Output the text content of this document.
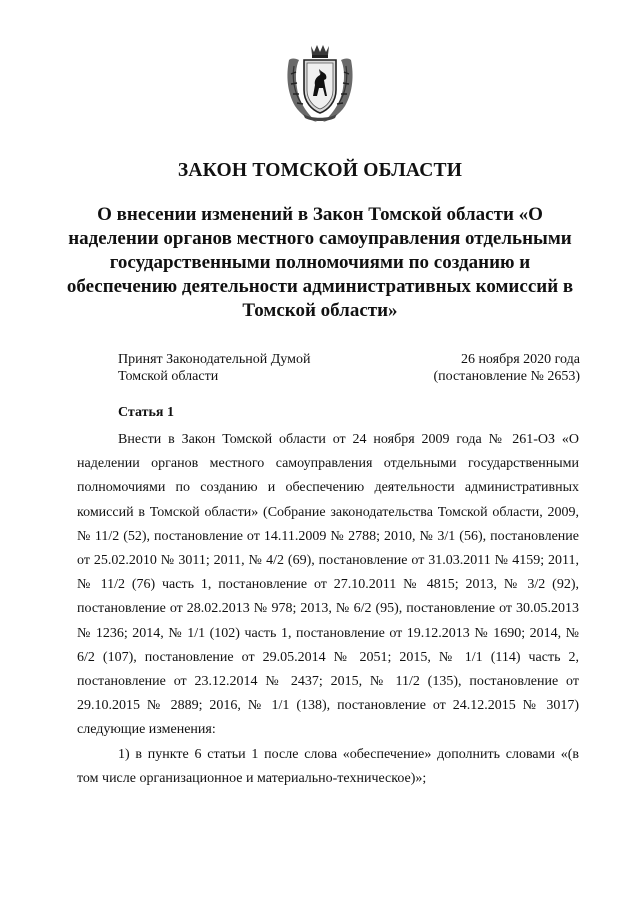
ЗАКОН ТОМСКОЙ ОБЛАСТИ
О внесении изменений в Закон Томской области «О наделении органов местного самоуправления отдельными государственными полномочиями по созданию и обеспечению деятельности административных комиссий в Томской области»
Принят Законодательной Думой Томской области
26 ноября 2020 года
(постановление № 2653)
Статья 1

Внести в Закон Томской области от 24 ноября 2009 года № 261-ОЗ «О наделении органов местного самоуправления отдельными государственными полномочиями по созданию и обеспечению деятельности административных комиссий в Томской области» (Собрание законодательства Томской области, 2009, № 11/2 (52), постановление от 14.11.2009 № 2788; 2010, № 3/1 (56), постановление от 25.02.2010 № 3011; 2011, № 4/2 (69), постановление от 31.03.2011 № 4159; 2011, № 11/2 (76) часть 1, постановление от 27.10.2011 № 4815; 2013, № 3/2 (92), постановление от 28.02.2013 № 978; 2013, № 6/2 (95), постановление от 30.05.2013 № 1236; 2014, № 1/1 (102) часть 1, постановление от 19.12.2013 № 1690; 2014, № 6/2 (107), постановление от 29.05.2014 № 2051; 2015, № 1/1 (114) часть 2, постановление от 23.12.2014 № 2437; 2015, № 11/2 (135), постановление от 29.10.2015 № 2889; 2016, № 1/1 (138), постановление от 24.12.2015 № 3017) следующие изменения:

1) в пункте 6 статьи 1 после слова «обеспечение» дополнить словами «(в том числе организационное и материально-техническое)»;
